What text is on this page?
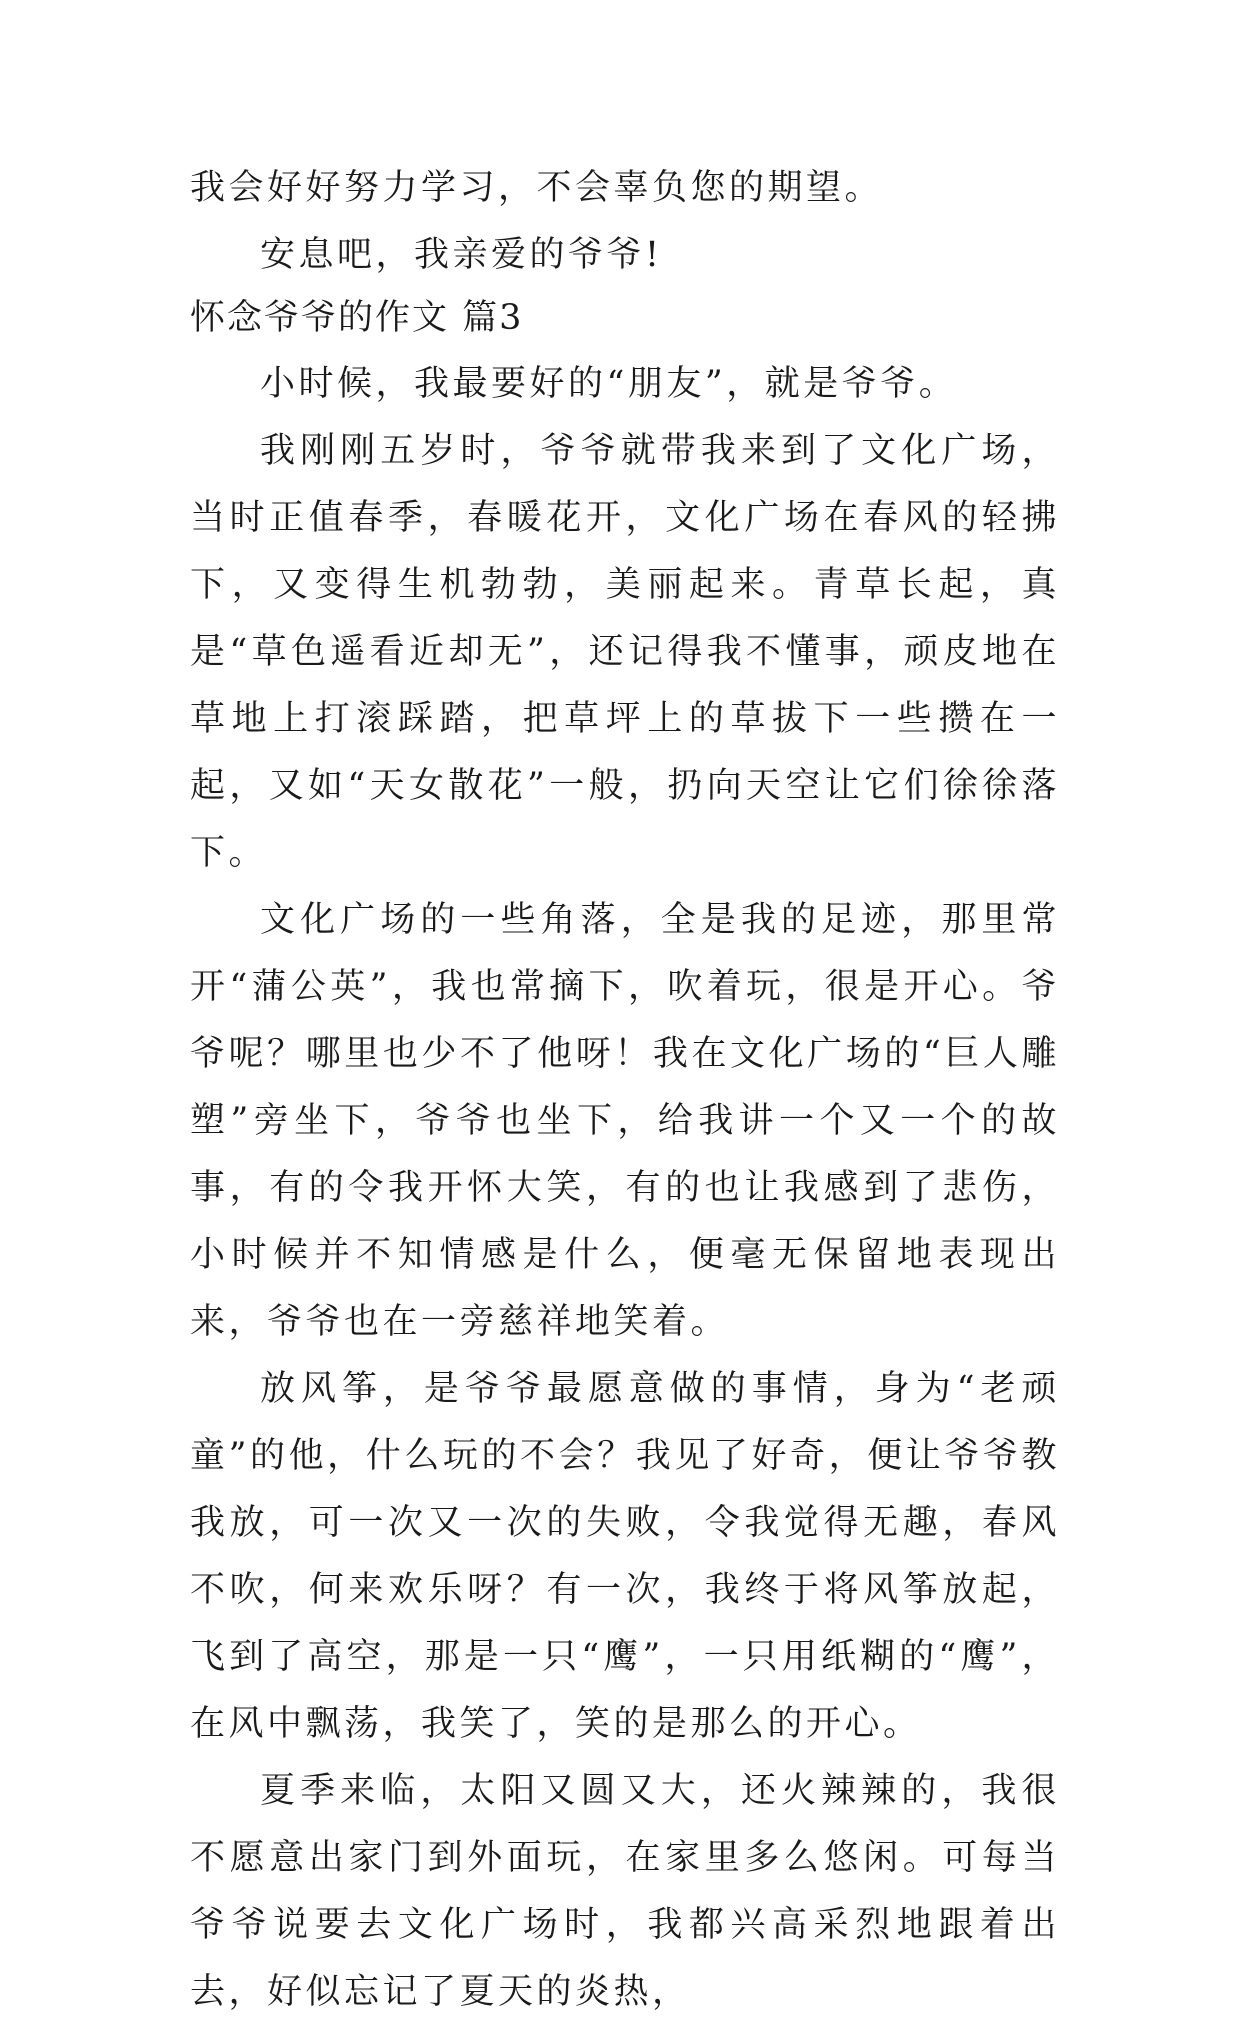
我会好好努力学习，不会辜负您的期望。

安息吧，我亲爱的爷爷!

怀念爷爷的作文 篇3

小时候，我最要好的“朋友”，就是爷爷。

我刚刚五岁时，爷爷就带我来到了文化广场，当时正值春季，春暖花开，文化广场在春风的轻拂下，又变得生机勃勃，美丽起来。青草长起，真是“草色遥看近却无”，还记得我不懂事，顽皮地在草地上打滚踩踏，把草坪上的草拔下一些攒在一起，又如“天女散花”一般，扔向天空让它们徐徐落下。

文化广场的一些角落，全是我的足迹，那里常开“蒲公英”，我也常摘下，吹着玩，很是开心。爷爷呢？哪里也少不了他呀！我在文化广场的“巨人雕塑”旁坐下，爷爷也坐下，给我讲一个又一个的故事，有的令我开怀大笑，有的也让我感到了悲伤，小时候并不知情感是什么，便毫无保留地表现出来，爷爷也在一旁慈祥地笑着。

放风筝，是爷爷最愿意做的事情，身为“老顽童”的他，什么玩的不会？我见了好奇，便让爷爷教我放，可一次又一次的失败，令我觉得无趣，春风不吹，何来欢乐呀？有一次，我终于将风筝放起，飞到了高空，那是一只“鹰”，一只用纸糊的“鹰”，在风中飘荡，我笑了，笑的是那么的开心。

夏季来临，太阳又圆又大，还火辣辣的，我很不愿意出家门到外面玩，在家里多么悠闲。可每当爷爷说要去文化广场时，我都兴高采烈地跟着出去，好似忘记了夏天的炎热，
